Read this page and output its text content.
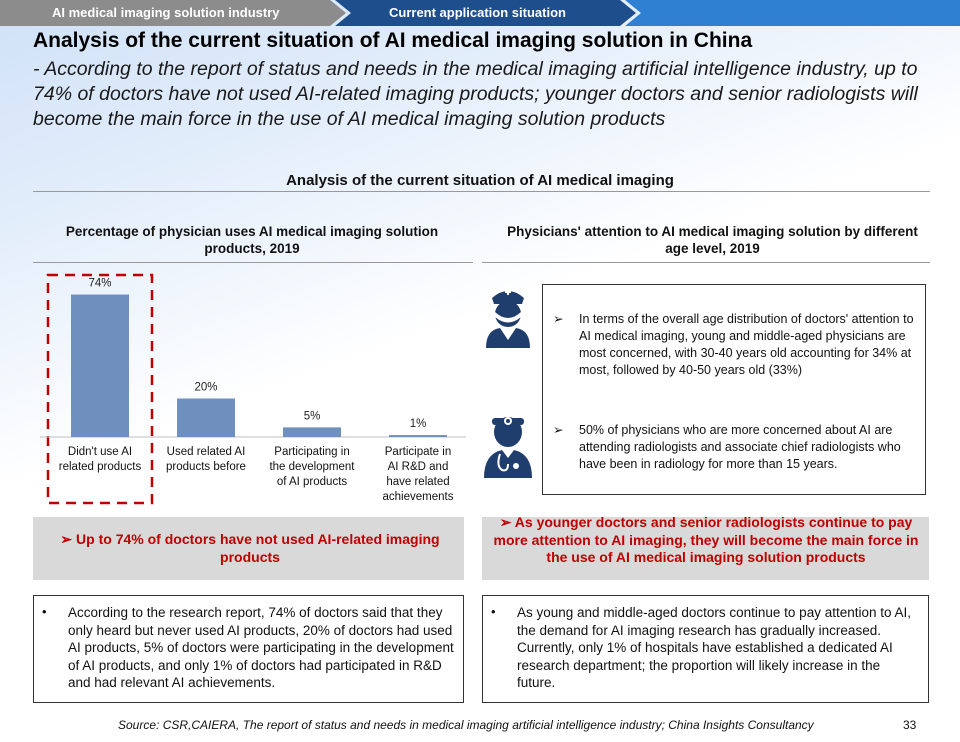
AI medical imaging solution industry	Current application situation
Analysis of the current situation of AI medical imaging solution in China
- According to the report of status and needs in the medical imaging artificial intelligence industry, up to 74% of doctors have not used AI-related imaging products; younger doctors and senior radiologists will become the main force in the use of AI medical imaging solution products
Analysis of the current situation of AI medical imaging
Percentage of physician uses AI medical imaging solution products, 2019
74%
20%
5%
1%
Didn't use AI related products
Used related AI products before
Participating in the development of AI products
Participate in AI R&D and have related achievements
Physicians' attention to AI medical imaging solution by different age level, 2019
➢ In terms of the overall age distribution of doctors' attention to AI medical imaging, young and middle-aged physicians are most concerned, with 30-40 years old accounting for 34% at most, followed by 40-50 years old (33%)
➢ 50% of physicians who are more concerned about AI are attending radiologists and associate chief radiologists who have been in radiology for more than 15 years.
➢ Up to 74% of doctors have not used AI-related imaging products
➢ As younger doctors and senior radiologists continue to pay more attention to AI imaging, they will become the main force in the use of AI medical imaging solution products
• According to the research report, 74% of doctors said that they only heard but never used AI products, 20% of doctors had used AI products, 5% of doctors were participating in the development of AI products, and only 1% of doctors had participated in R&D and had relevant AI achievements.
• As young and middle-aged doctors continue to pay attention to AI, the demand for AI imaging research has gradually increased. Currently, only 1% of hospitals have established a dedicated AI research department; the proportion will likely increase in the future.
Source: CSR,CAIERA, The report of status and needs in medical imaging artificial intelligence industry; China Insights Consultancy	33
